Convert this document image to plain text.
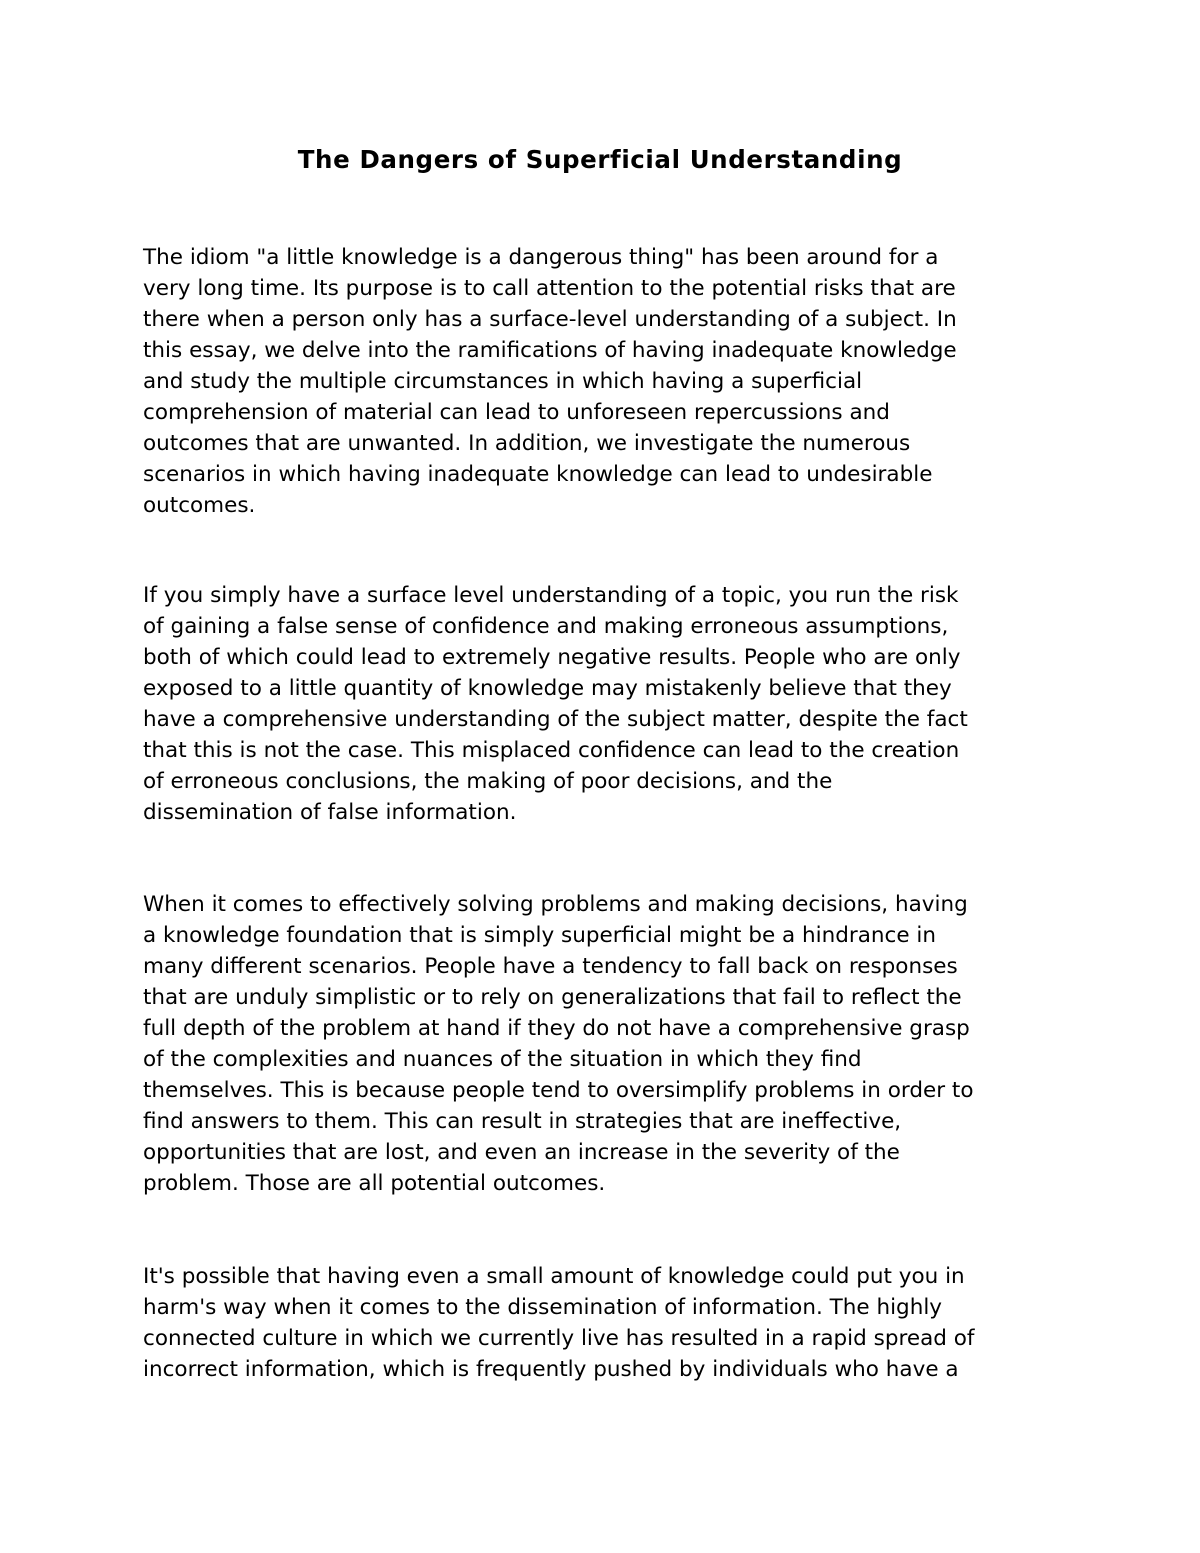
The Dangers of Superficial Understanding

The idiom "a little knowledge is a dangerous thing" has been around for a
very long time. Its purpose is to call attention to the potential risks that are
there when a person only has a surface-level understanding of a subject. In
this essay, we delve into the ramifications of having inadequate knowledge
and study the multiple circumstances in which having a superficial
comprehension of material can lead to unforeseen repercussions and
outcomes that are unwanted. In addition, we investigate the numerous
scenarios in which having inadequate knowledge can lead to undesirable
outcomes.

If you simply have a surface level understanding of a topic, you run the risk
of gaining a false sense of confidence and making erroneous assumptions,
both of which could lead to extremely negative results. People who are only
exposed to a little quantity of knowledge may mistakenly believe that they
have a comprehensive understanding of the subject matter, despite the fact
that this is not the case. This misplaced confidence can lead to the creation
of erroneous conclusions, the making of poor decisions, and the
dissemination of false information.

When it comes to effectively solving problems and making decisions, having
a knowledge foundation that is simply superficial might be a hindrance in
many different scenarios. People have a tendency to fall back on responses
that are unduly simplistic or to rely on generalizations that fail to reflect the
full depth of the problem at hand if they do not have a comprehensive grasp
of the complexities and nuances of the situation in which they find
themselves. This is because people tend to oversimplify problems in order to
find answers to them. This can result in strategies that are ineffective,
opportunities that are lost, and even an increase in the severity of the
problem. Those are all potential outcomes.

It's possible that having even a small amount of knowledge could put you in
harm's way when it comes to the dissemination of information. The highly
connected culture in which we currently live has resulted in a rapid spread of
incorrect information, which is frequently pushed by individuals who have a
